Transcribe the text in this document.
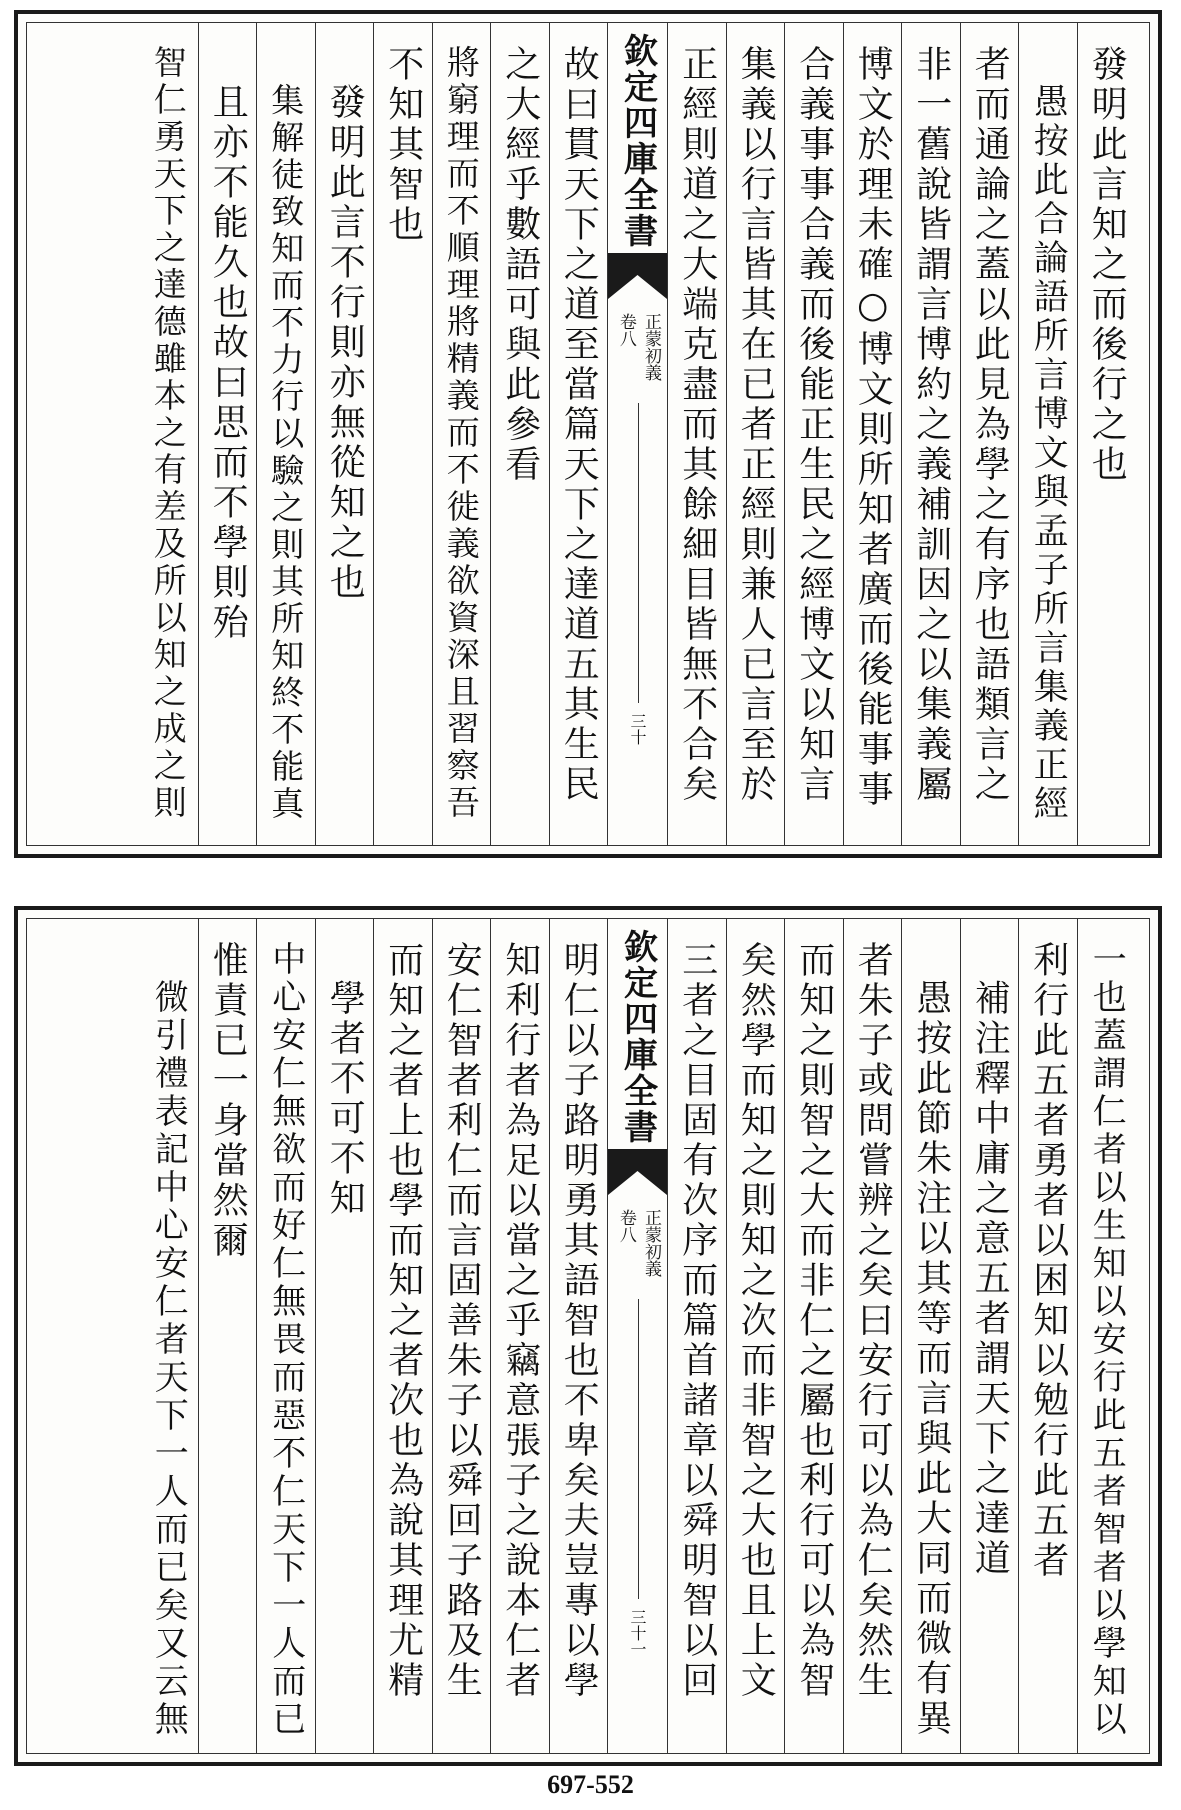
發明此言知之而後行之也
愚按此合論語所言博文與孟子所言集義正經
者而通論之蓋以此見為學之有序也語類言之
非一舊說皆謂言博約之義補訓因之以集義屬
博文於理未確○博文則所知者廣而後能事事
合義事事合義而後能正生民之經博文以知言
集義以行言皆其在已者正經則兼人已言至於
正經則道之大端克盡而其餘細目皆無不合矣
欽定四庫全書
正蒙初義
卷八
三十
故曰貫天下之道至當篇天下之達道五其生民
之大經乎數語可與此參看
將窮理而不順理將精義而不徙義欲資深且習察吾
不知其智也
發明此言不行則亦無從知之也
集解徒致知而不力行以驗之則其所知終不能真
且亦不能久也故曰思而不學則殆
智仁勇天下之達德雖本之有差及所以知之成之則
一也蓋謂仁者以生知以安行此五者智者以學知以
利行此五者勇者以困知以勉行此五者
補注釋中庸之意五者謂天下之達道
愚按此節朱注以其等而言與此大同而微有異
者朱子或問嘗辨之矣曰安行可以為仁矣然生
而知之則智之大而非仁之屬也利行可以為智
矣然學而知之則知之次而非智之大也且上文
三者之目固有次序而篇首諸章以舜明智以回
欽定四庫全書
正蒙初義
卷八
三十一
明仁以子路明勇其語智也不卑矣夫豈專以學
知利行者為足以當之乎竊意張子之說本仁者
安仁智者利仁而言固善朱子以舜回子路及生
而知之者上也學而知之者次也為說其理尤精
學者不可不知
中心安仁無欲而好仁無畏而惡不仁天下一人而已
惟責已一身當然爾
微引禮表記中心安仁者天下一人而已矣又云無
697-552
